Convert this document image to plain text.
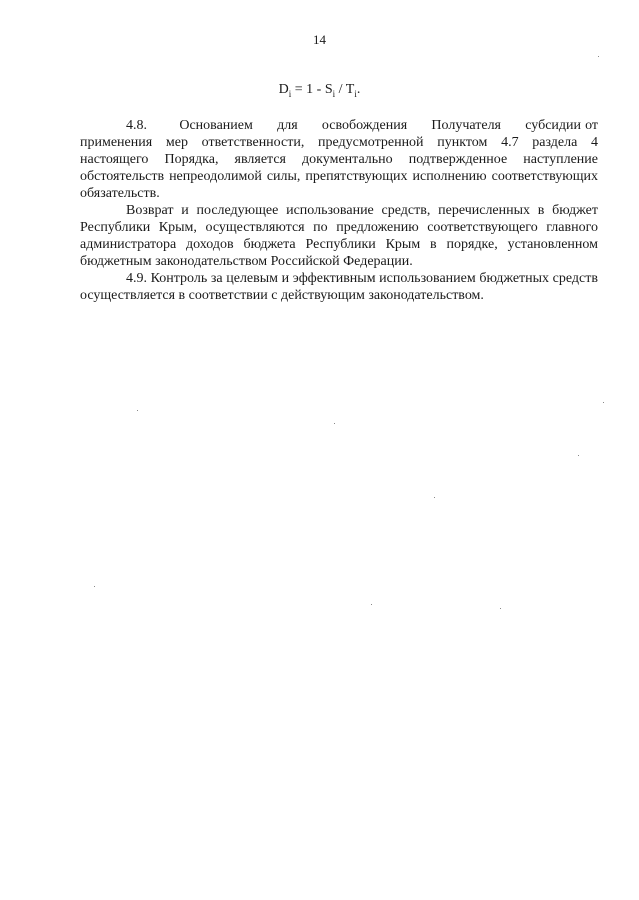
14
$D_i = 1 - S_i / T_i$.

4.8.        Основанием      для      освобождения      Получателя      субсидии от применения мер ответственности, предусмотренной пунктом 4.7 раздела 4 настоящего Порядка, является документально подтвержденное наступление обстоятельств непреодолимой силы, препятствующих исполнению соответствующих обязательств.

Возврат и последующее использование средств, перечисленных в бюджет Республики Крым, осуществляются по предложению соответствующего главного администратора доходов бюджета Республики Крым в порядке, установленном бюджетным законодательством Российской Федерации.

4.9. Контроль за целевым и эффективным использованием бюджетных средств осуществляется в соответствии с действующим законодательством.
